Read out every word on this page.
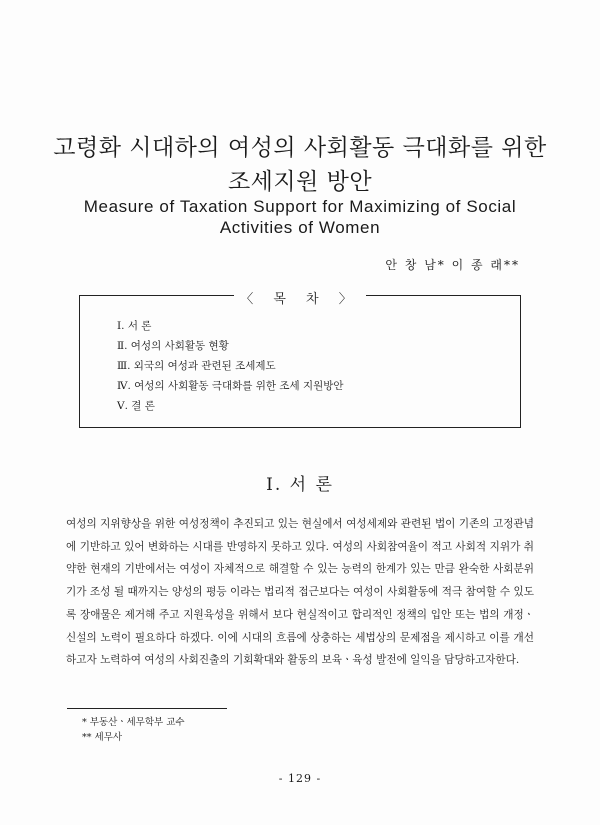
고령화 시대하의 여성의 사회활동 극대화를 위한
조세지원 방안
Measure of Taxation Support for Maximizing of Social
Activities of Women
안 창 남* 이 종 래**
〈 목 차 〉
Ⅰ. 서 론
Ⅱ. 여성의 사회활동 현황
Ⅲ. 외국의 여성과 관련된 조세제도
Ⅳ. 여성의 사회활동 극대화를 위한 조세 지원방안
Ⅴ. 결 론
Ⅰ. 서 론

여성의 지위향상을 위한 여성정책이 추진되고 있는 현실에서 여성세제와 관련된 법이 기존의 고정관념에 기반하고 있어 변화하는 시대를 반영하지 못하고 있다. 여성의 사회참여율이 적고 사회적 지위가 취약한 현재의 기반에서는 여성이 자체적으로 해결할 수 있는 능력의 한계가 있는 만큼 완숙한 사회분위기가 조성 될 때까지는 양성의 평등 이라는 법리적 접근보다는 여성이 사회활동에 적극 참여할 수 있도록 장애물은 제거해 주고 지원육성을 위해서 보다 현실적이고 합리적인 정책의 입안 또는 법의 개정ㆍ신설의 노력이 필요하다 하겠다. 이에 시대의 흐름에 상충하는 세법상의 문제점을 제시하고 이를 개선하고자 노력하여 여성의 사회진출의 기회확대와 활동의 보육ㆍ육성 발전에 일익을 담당하고자한다.

* 부동산ㆍ세무학부 교수
** 세무사
- 129 -
